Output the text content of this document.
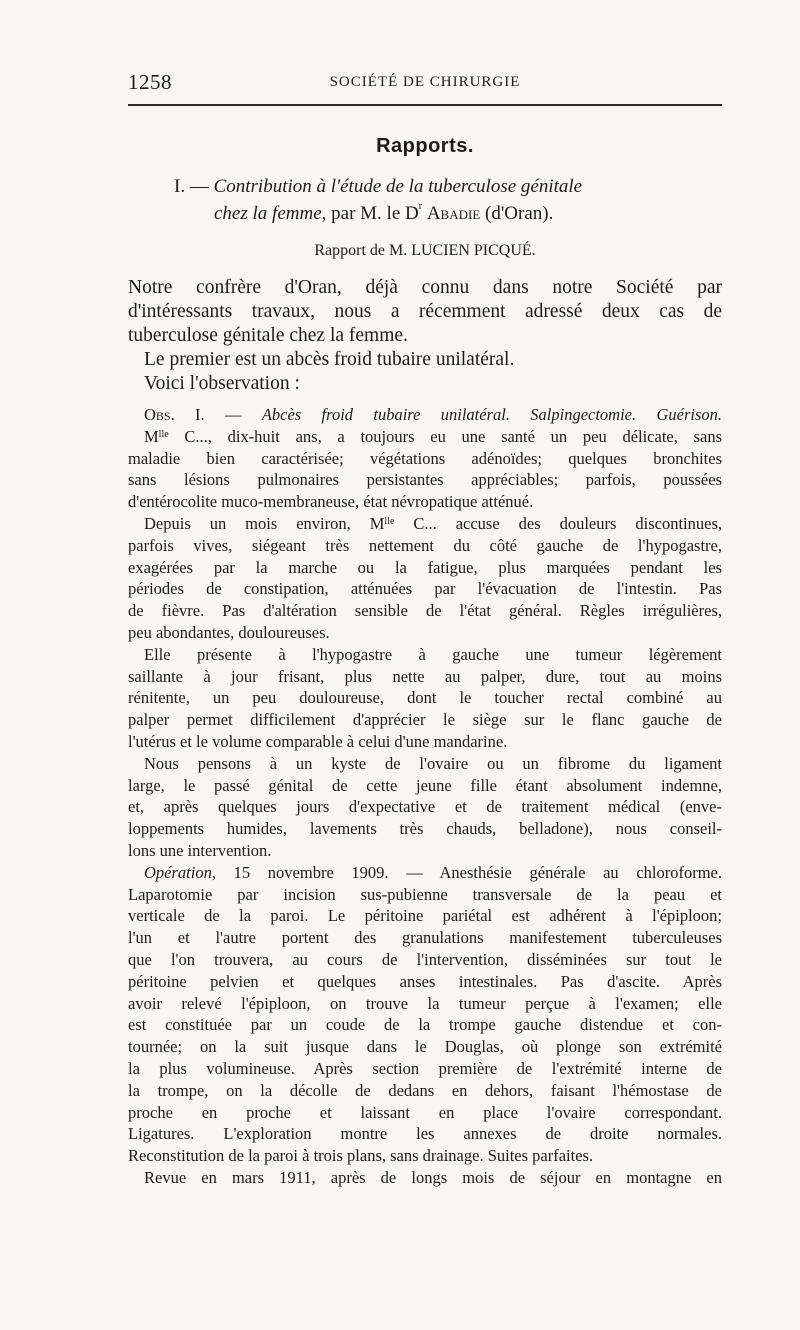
1258	SOCIÉTÉ DE CHIRURGIE
Rapports.
I. — Contribution à l'étude de la tuberculose génitale
chez la femme, par M. le $D^r$ Abadie (d'Oran).
Rapport de M. LUCIEN PICQUÉ.
Notre confrère d'Oran, déjà connu dans notre Société par
d'intéressants travaux, nous a récemment adressé deux cas de
tuberculose génitale chez la femme.
Le premier est un abcès froid tubaire unilatéral.
Voici l'observation :
Obs. I. — Abcès froid tubaire unilatéral. Salpingectomie. Guérison.
$M^{lle}$ C..., dix-huit ans, a toujours eu une santé un peu délicate, sans
maladie bien caractérisée; végétations adénoïdes; quelques bronchites
sans lésions pulmonaires persistantes appréciables; parfois, poussées
d'entérocolite muco-membraneuse, état névropatique atténué.
Depuis un mois environ, $M^{lle}$ C... accuse des douleurs discontinues,
parfois vives, siégeant très nettement du côté gauche de l'hypogastre,
exagérées par la marche ou la fatigue, plus marquées pendant les
périodes de constipation, atténuées par l'évacuation de l'intestin. Pas
de fièvre. Pas d'altération sensible de l'état général. Règles irrégulières,
peu abondantes, douloureuses.
Elle présente à l'hypogastre à gauche une tumeur légèrement
saillante à jour frisant, plus nette au palper, dure, tout au moins
rénitente, un peu douloureuse, dont le toucher rectal combiné au
palper permet difficilement d'apprécier le siège sur le flanc gauche de
l'utérus et le volume comparable à celui d'une mandarine.
Nous pensons à un kyste de l'ovaire ou un fibrome du ligament
large, le passé génital de cette jeune fille étant absolument indemne,
et, après quelques jours d'expectative et de traitement médical (enve-
loppements humides, lavements très chauds, belladone), nous conseil-
lons une intervention.
Opération, 15 novembre 1909. — Anesthésie générale au chloroforme.
Laparotomie par incision sus-pubienne transversale de la peau et
verticale de la paroi. Le péritoine pariétal est adhérent à l'épiploon;
l'un et l'autre portent des granulations manifestement tuberculeuses
que l'on trouvera, au cours de l'intervention, disséminées sur tout le
péritoine pelvien et quelques anses intestinales. Pas d'ascite. Après
avoir relevé l'épiploon, on trouve la tumeur perçue à l'examen; elle
est constituée par un coude de la trompe gauche distendue et con-
tournée; on la suit jusque dans le Douglas, où plonge son extrémité
la plus volumineuse. Après section première de l'extrémité interne de
la trompe, on la décolle de dedans en dehors, faisant l'hémostase de
proche en proche et laissant en place l'ovaire correspondant.
Ligatures. L'exploration montre les annexes de droite normales.
Reconstitution de la paroi à trois plans, sans drainage. Suites parfaites.
Revue en mars 1911, après de longs mois de séjour en montagne en
